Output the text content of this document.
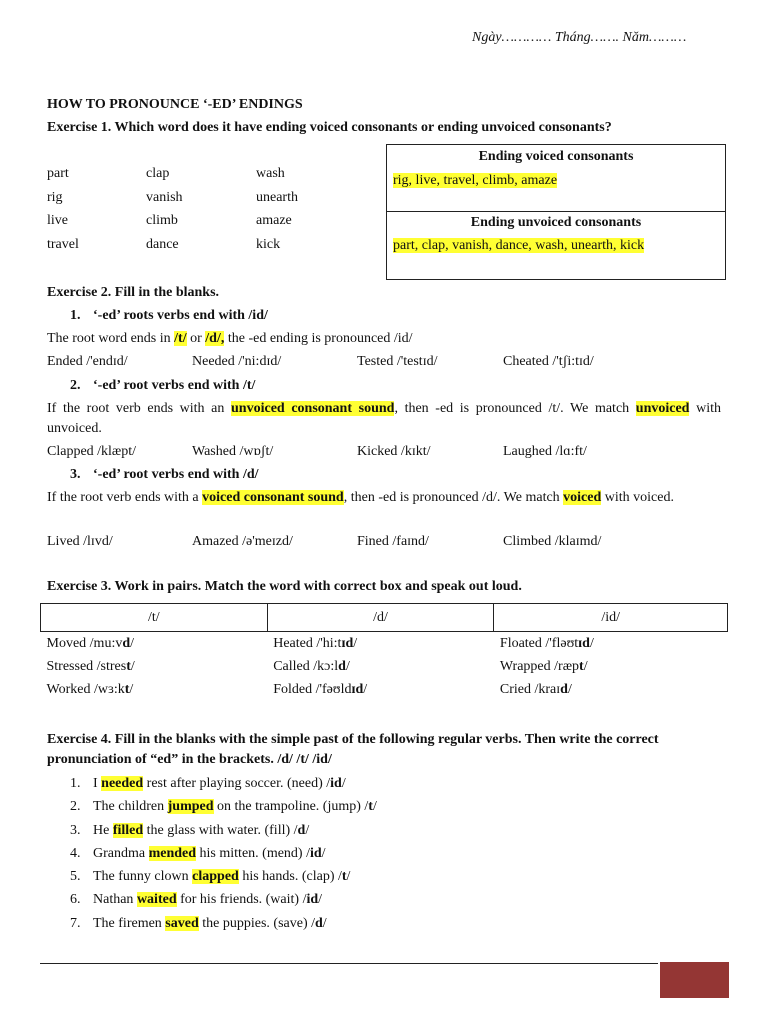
Ngày………… Tháng……. Năm………
HOW TO PRONOUNCE ‘-ED’ ENDINGS
Exercise 1. Which word does it have ending voiced consonants or ending unvoiced consonants?
part	clap	wash
rig	vanish	unearth
live	climb	amaze
travel	dance	kick
Ending voiced consonants
rig, live, travel, climb, amaze
Ending unvoiced consonants
part, clap, vanish, dance, wash, unearth, kick
Exercise 2. Fill in the blanks.
1. ‘-ed’ roots verbs end with /id/
The root word ends in /t/ or /d/, the -ed ending is pronounced /id/
Ended /'endɪd/	Needed /'ni:dɪd/	Tested /'testɪd/	Cheated /'tʃi:tɪd/
2. ‘-ed’ root verbs end with /t/
If the root verb ends with an unvoiced consonant sound, then -ed is pronounced /t/. We match unvoiced with unvoiced.
Clapped /klæpt/	Washed /wɒʃt/	Kicked /kɪkt/	Laughed /lɑ:ft/
3. ‘-ed’ root verbs end with /d/
If the root verb ends with a voiced consonant sound, then -ed is pronounced /d/. We match voiced with voiced.
Lived /lɪvd/	Amazed /ə'meɪzd/	Fined /faɪnd/	Climbed /klaɪmd/
Exercise 3. Work in pairs. Match the word with correct box and speak out loud.
/t/	/d/	/id/
Moved /mu:vd/	Heated /'hi:tɪd/	Floated /'fləʊtɪd/
Stressed /strest/	Called /kɔ:ld/	Wrapped /ræpt/
Worked /wɜ:kt/	Folded /'fəʊldɪd/	Cried /kraɪd/
Exercise 4. Fill in the blanks with the simple past of the following regular verbs. Then write the correct pronunciation of “ed” in the brackets. /d/ /t/ /id/
1. I needed rest after playing soccer. (need) /id/
2. The children jumped on the trampoline. (jump) /t/
3. He filled the glass with water. (fill) /d/
4. Grandma mended his mitten. (mend) /id/
5. The funny clown clapped his hands. (clap) /t/
6. Nathan waited for his friends. (wait) /id/
7. The firemen saved the puppies. (save) /d/
